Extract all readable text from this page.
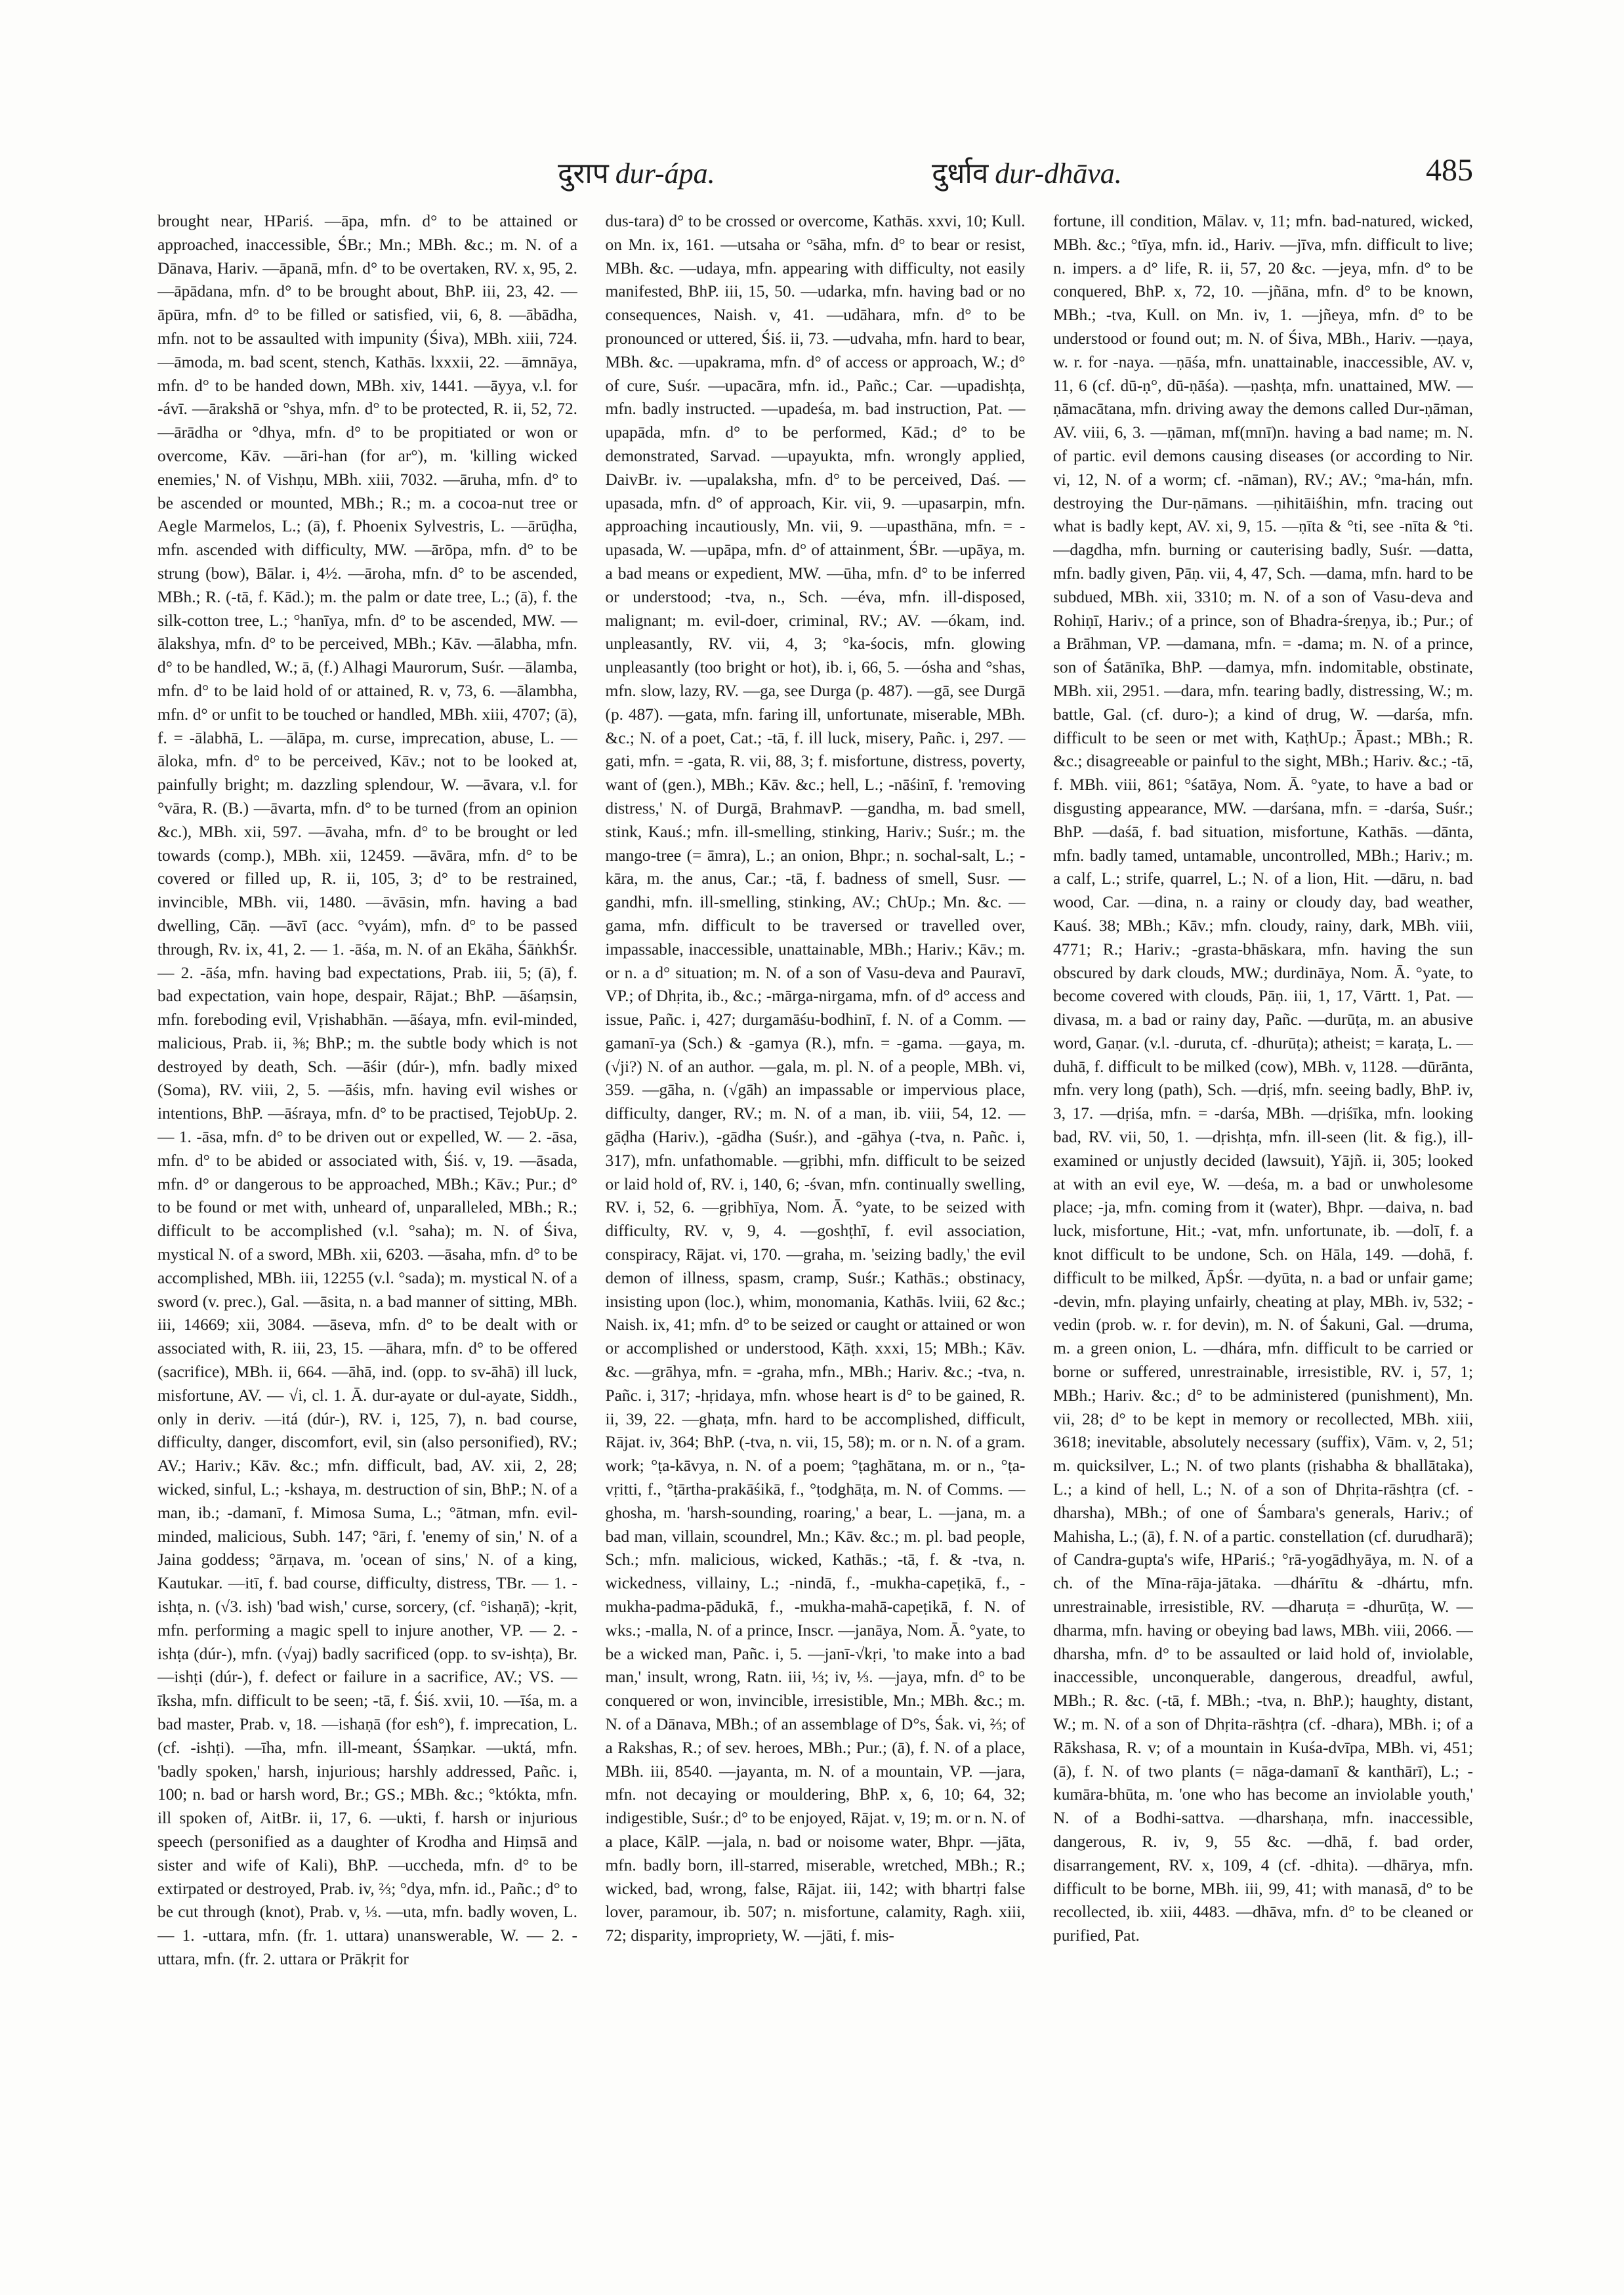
दुराप dur-ápa.	दुर्धाव dur-dhāva.	485
brought near, HPariś. —āpa, mfn. d° to be attained or approached, inaccessible, ŚBr.; Mn.; MBh. &c.; m. N. of a Dānava, Hariv. —āpanā, mfn. d° to be overtaken, RV. x, 95, 2. —āpādana, mfn. d° to be brought about, BhP. iii, 23, 42. —āpūra, mfn. d° to be filled or satisfied, vii, 6, 8. —ābādha, mfn. not to be assaulted with impunity (Śiva), MBh. xiii, 724. —āmoda, m. bad scent, stench, Kathās. lxxxii, 22. —āmnāya, mfn. d° to be handed down, MBh. xiv, 1441. —āyya, v.l. for -ávī. —ārakshā or °shya, mfn. d° to be protected, R. ii, 52, 72. —ārādha or °dhya, mfn. d° to be propitiated or won or overcome, Kāv. —āri-han (for ar°), m. 'killing wicked enemies,' N. of Vishṇu, MBh. xiii, 7032. —āruha, mfn. d° to be ascended or mounted, MBh.; R.; m. a cocoa-nut tree or Aegle Marmelos, L.; (ā), f. Phoenix Sylvestris, L. —ārūḍha, mfn. ascended with difficulty, MW. —ārōpa, mfn. d° to be strung (bow), Bālar. i, 4½. —āroha, mfn. d° to be ascended, MBh.; R. (-tā, f. Kād.); m. the palm or date tree, L.; (ā), f. the silk-cotton tree, L.; °hanīya, mfn. d° to be ascended, MW. —ālakshya, mfn. d° to be perceived, MBh.; Kāv. —ālabha, mfn. d° to be handled, W.; ā, (f.) Alhagi Maurorum, Suśr. —ālamba, mfn. d° to be laid hold of or attained, R. v, 73, 6. —ālambha, mfn. d° or unfit to be touched or handled, MBh. xiii, 4707; (ā), f. = -ālabhā, L. —ālāpa, m. curse, imprecation, abuse, L. —āloka, mfn. d° to be perceived, Kāv.; not to be looked at, painfully bright; m. dazzling splendour, W. —āvara, v.l. for °vāra, R. (B.) —āvarta, mfn. d° to be turned (from an opinion &c.), MBh. xii, 597. —āvaha, mfn. d° to be brought or led towards (comp.), MBh. xii, 12459. —āvāra, mfn. d° to be covered or filled up, R. ii, 105, 3; d° to be restrained, invincible, MBh. vii, 1480. —āvāsin, mfn. having a bad dwelling, Cāṇ. —āvī (acc. °vyám), mfn. d° to be passed through, Rv. ix, 41, 2. — 1. -āśa, m. N. of an Ekāha, ŚāṅkhŚr. — 2. -āśa, mfn. having bad expectations, Prab. iii, 5; (ā), f. bad expectation, vain hope, despair, Rājat.; BhP. —āśaṃsin, mfn. foreboding evil, Vṛishabhān. —āśaya, mfn. evil-minded, malicious, Prab. ii, ⅜; BhP.; m. the subtle body which is not destroyed by death, Sch. —āśir (dúr-), mfn. badly mixed (Soma), RV. viii, 2, 5. —āśis, mfn. having evil wishes or intentions, BhP. —āśraya, mfn. d° to be practised, TejobUp. 2. — 1. -āsa, mfn. d° to be driven out or expelled, W. — 2. -āsa, mfn. d° to be abided or associated with, Śiś. v, 19. —āsada, mfn. d° or dangerous to be approached, MBh.; Kāv.; Pur.; d° to be found or met with, unheard of, unparalleled, MBh.; R.; difficult to be accomplished (v.l. °saha); m. N. of Śiva, mystical N. of a sword, MBh. xii, 6203. —āsaha, mfn. d° to be accomplished, MBh. iii, 12255 (v.l. °sada); m. mystical N. of a sword (v. prec.), Gal. —āsita, n. a bad manner of sitting, MBh. iii, 14669; xii, 3084. —āseva, mfn. d° to be dealt with or associated with, R. iii, 23, 15. —āhara, mfn. d° to be offered (sacrifice), MBh. ii, 664. —āhā, ind. (opp. to sv-āhā) ill luck, misfortune, AV. — √i, cl. 1. Ā. dur-ayate or dul-ayate, Siddh., only in deriv. —itá (dúr-), RV. i, 125, 7), n. bad course, difficulty, danger, discomfort, evil, sin (also personified), RV.; AV.; Hariv.; Kāv. &c.; mfn. difficult, bad, AV. xii, 2, 28; wicked, sinful, L.; -kshaya, m. destruction of sin, BhP.; N. of a man, ib.; -damanī, f. Mimosa Suma, L.; °ātman, mfn. evil-minded, malicious, Subh. 147; °āri, f. 'enemy of sin,' N. of a Jaina goddess; °ārṇava, m. 'ocean of sins,' N. of a king, Kautukar. —itī, f. bad course, difficulty, distress, TBr. — 1. -ishṭa, n. (√3. ish) 'bad wish,' curse, sorcery, (cf. °ishaṇā); -kṛit, mfn. performing a magic spell to injure another, VP. — 2. -ishṭa (dúr-), mfn. (√yaj) badly sacrificed (opp. to sv-ishṭa), Br. —ishṭi (dúr-), f. defect or failure in a sacrifice, AV.; VS. —īksha, mfn. difficult to be seen; -tā, f. Śiś. xvii, 10. —īśa, m. a bad master, Prab. v, 18. —ishaṇā (for esh°), f. imprecation, L. (cf. -ishṭi). —īha, mfn. ill-meant, ŚSaṃkar. —uktá, mfn. 'badly spoken,' harsh, injurious; harshly addressed, Pañc. i, 100; n. bad or harsh word, Br.; GS.; MBh. &c.; °któkta, mfn. ill spoken of, AitBr. ii, 17, 6. —ukti, f. harsh or injurious speech (personified as a daughter of Krodha and Hiṃsā and sister and wife of Kali), BhP. —uccheda, mfn. d° to be extirpated or destroyed, Prab. iv, ⅔; °dya, mfn. id., Pañc.; d° to be cut through (knot), Prab. v, ⅓. —uta, mfn. badly woven, L. — 1. -uttara, mfn. (fr. 1. uttara) unanswerable, W. — 2. -uttara, mfn. (fr. 2. uttara or Prākṛit for
dus-tara) d° to be crossed or overcome, Kathās. xxvi, 10; Kull. on Mn. ix, 161. —utsaha or °sāha, mfn. d° to bear or resist, MBh. &c. —udaya, mfn. appearing with difficulty, not easily manifested, BhP. iii, 15, 50. —udarka, mfn. having bad or no consequences, Naish. v, 41. —udāhara, mfn. d° to be pronounced or uttered, Śiś. ii, 73. —udvaha, mfn. hard to bear, MBh. &c. —upakrama, mfn. d° of access or approach, W.; d° of cure, Suśr. —upacāra, mfn. id., Pañc.; Car. —upadishṭa, mfn. badly instructed. —upadeśa, m. bad instruction, Pat. —upapāda, mfn. d° to be performed, Kād.; d° to be demonstrated, Sarvad. —upayukta, mfn. wrongly applied, DaivBr. iv. —upalaksha, mfn. d° to be perceived, Daś. —upasada, mfn. d° of approach, Kir. vii, 9. —upasarpin, mfn. approaching incautiously, Mn. vii, 9. —upasthāna, mfn. = -upasada, W. —upāpa, mfn. d° of attainment, ŚBr. —upāya, m. a bad means or expedient, MW. —ūha, mfn. d° to be inferred or understood; -tva, n., Sch. —éva, mfn. ill-disposed, malignant; m. evil-doer, criminal, RV.; AV. —ókam, ind. unpleasantly, RV. vii, 4, 3; °ka-śocis, mfn. glowing unpleasantly (too bright or hot), ib. i, 66, 5. —ósha and °shas, mfn. slow, lazy, RV. —ga, see Durga (p. 487). —gā, see Durgā (p. 487). —gata, mfn. faring ill, unfortunate, miserable, MBh. &c.; N. of a poet, Cat.; -tā, f. ill luck, misery, Pañc. i, 297. —gati, mfn. = -gata, R. vii, 88, 3; f. misfortune, distress, poverty, want of (gen.), MBh.; Kāv. &c.; hell, L.; -nāśinī, f. 'removing distress,' N. of Durgā, BrahmavP. —gandha, m. bad smell, stink, Kauś.; mfn. ill-smelling, stinking, Hariv.; Suśr.; m. the mango-tree (= āmra), L.; an onion, Bhpr.; n. sochal-salt, L.; -kāra, m. the anus, Car.; -tā, f. badness of smell, Susr. —gandhi, mfn. ill-smelling, stinking, AV.; ChUp.; Mn. &c. —gama, mfn. difficult to be traversed or travelled over, impassable, inaccessible, unattainable, MBh.; Hariv.; Kāv.; m. or n. a d° situation; m. N. of a son of Vasu-deva and Pauravī, VP.; of Dhṛita, ib., &c.; -mārga-nirgama, mfn. of d° access and issue, Pañc. i, 427; durgamāśu-bodhinī, f. N. of a Comm. —gamanī-ya (Sch.) & -gamya (R.), mfn. = -gama. —gaya, m. (√ji?) N. of an author. —gala, m. pl. N. of a people, MBh. vi, 359. —gāha, n. (√gāh) an impassable or impervious place, difficulty, danger, RV.; m. N. of a man, ib. viii, 54, 12. —gāḍha (Hariv.), -gādha (Suśr.), and -gāhya (-tva, n. Pañc. i, 317), mfn. unfathomable. —gṛibhi, mfn. difficult to be seized or laid hold of, RV. i, 140, 6; -śvan, mfn. continually swelling, RV. i, 52, 6. —gṛibhīya, Nom. Ā. °yate, to be seized with difficulty, RV. v, 9, 4. —goshṭhī, f. evil association, conspiracy, Rājat. vi, 170. —graha, m. 'seizing badly,' the evil demon of illness, spasm, cramp, Suśr.; Kathās.; obstinacy, insisting upon (loc.), whim, monomania, Kathās. lviii, 62 &c.; Naish. ix, 41; mfn. d° to be seized or caught or attained or won or accomplished or understood, Kāṭh. xxxi, 15; MBh.; Kāv. &c. —grāhya, mfn. = -graha, mfn., MBh.; Hariv. &c.; -tva, n. Pañc. i, 317; -hṛidaya, mfn. whose heart is d° to be gained, R. ii, 39, 22. —ghaṭa, mfn. hard to be accomplished, difficult, Rājat. iv, 364; BhP. (-tva, n. vii, 15, 58); m. or n. N. of a gram. work; °ṭa-kāvya, n. N. of a poem; °ṭaghātana, m. or n., °ṭa-vṛitti, f., °ṭārtha-prakāśikā, f., °ṭodghāṭa, m. N. of Comms. —ghosha, m. 'harsh-sounding, roaring,' a bear, L. —jana, m. a bad man, villain, scoundrel, Mn.; Kāv. &c.; m. pl. bad people, Sch.; mfn. malicious, wicked, Kathās.; -tā, f. & -tva, n. wickedness, villainy, L.; -nindā, f., -mukha-capeṭikā, f., -mukha-padma-pādukā, f., -mukha-mahā-capeṭikā, f. N. of wks.; -malla, N. of a prince, Inscr. —janāya, Nom. Ā. °yate, to be a wicked man, Pañc. i, 5. —janī-√kṛi, 'to make into a bad man,' insult, wrong, Ratn. iii, ⅓; iv, ⅓. —jaya, mfn. d° to be conquered or won, invincible, irresistible, Mn.; MBh. &c.; m. N. of a Dānava, MBh.; of an assemblage of D°s, Śak. vi, ⅔; of a Rakshas, R.; of sev. heroes, MBh.; Pur.; (ā), f. N. of a place, MBh. iii, 8540. —jayanta, m. N. of a mountain, VP. —jara, mfn. not decaying or mouldering, BhP. x, 6, 10; 64, 32; indigestible, Suśr.; d° to be enjoyed, Rājat. v, 19; m. or n. N. of a place, KālP. —jala, n. bad or noisome water, Bhpr. —jāta, mfn. badly born, ill-starred, miserable, wretched, MBh.; R.; wicked, bad, wrong, false, Rājat. iii, 142; with bhartṛi false lover, paramour, ib. 507; n. misfortune, calamity, Ragh. xiii, 72; disparity, impropriety, W. —jāti, f. mis-
fortune, ill condition, Mālav. v, 11; mfn. bad-natured, wicked, MBh. &c.; °tīya, mfn. id., Hariv. —jīva, mfn. difficult to live; n. impers. a d° life, R. ii, 57, 20 &c. —jeya, mfn. d° to be conquered, BhP. x, 72, 10. —jñāna, mfn. d° to be known, MBh.; -tva, Kull. on Mn. iv, 1. —jñeya, mfn. d° to be understood or found out; m. N. of Śiva, MBh., Hariv. —ṇaya, w. r. for -naya. —ṇāśa, mfn. unattainable, inaccessible, AV. v, 11, 6 (cf. dū-ṇ°, dū-ṇāśa). —ṇashṭa, mfn. unattained, MW. —ṇāmacātana, mfn. driving away the demons called Dur-ṇāman, AV. viii, 6, 3. —ṇāman, mf(mnī)n. having a bad name; m. N. of partic. evil demons causing diseases (or according to Nir. vi, 12, N. of a worm; cf. -nāman), RV.; AV.; °ma-hán, mfn. destroying the Dur-ṇāmans. —ṇihitāiśhin, mfn. tracing out what is badly kept, AV. xi, 9, 15. —ṇīta & °ti, see -nīta & °ti. —dagdha, mfn. burning or cauterising badly, Suśr. —datta, mfn. badly given, Pāṇ. vii, 4, 47, Sch. —dama, mfn. hard to be subdued, MBh. xii, 3310; m. N. of a son of Vasu-deva and Rohiṇī, Hariv.; of a prince, son of Bhadra-śreṇya, ib.; Pur.; of a Brāhman, VP. —damana, mfn. = -dama; m. N. of a prince, son of Śatānīka, BhP. —damya, mfn. indomitable, obstinate, MBh. xii, 2951. —dara, mfn. tearing badly, distressing, W.; m. battle, Gal. (cf. duro-); a kind of drug, W. —darśa, mfn. difficult to be seen or met with, KaṭhUp.; Āpast.; MBh.; R. &c.; disagreeable or painful to the sight, MBh.; Hariv. &c.; -tā, f. MBh. viii, 861; °śatāya, Nom. Ā. °yate, to have a bad or disgusting appearance, MW. —darśana, mfn. = -darśa, Suśr.; BhP. —daśā, f. bad situation, misfortune, Kathās. —dānta, mfn. badly tamed, untamable, uncontrolled, MBh.; Hariv.; m. a calf, L.; strife, quarrel, L.; N. of a lion, Hit. —dāru, n. bad wood, Car. —dina, n. a rainy or cloudy day, bad weather, Kauś. 38; MBh.; Kāv.; mfn. cloudy, rainy, dark, MBh. viii, 4771; R.; Hariv.; -grasta-bhāskara, mfn. having the sun obscured by dark clouds, MW.; durdināya, Nom. Ā. °yate, to become covered with clouds, Pāṇ. iii, 1, 17, Vārtt. 1, Pat. —divasa, m. a bad or rainy day, Pañc. —durūṭa, m. an abusive word, Gaṇar. (v.l. -duruta, cf. -dhurūṭa); atheist; = karaṭa, L. —duhā, f. difficult to be milked (cow), MBh. v, 1128. —dūrānta, mfn. very long (path), Sch. —dṛiś, mfn. seeing badly, BhP. iv, 3, 17. —dṛiśa, mfn. = -darśa, MBh. —dṛiśīka, mfn. looking bad, RV. vii, 50, 1. —dṛishṭa, mfn. ill-seen (lit. & fig.), ill-examined or unjustly decided (lawsuit), Yājñ. ii, 305; looked at with an evil eye, W. —deśa, m. a bad or unwholesome place; -ja, mfn. coming from it (water), Bhpr. —daiva, n. bad luck, misfortune, Hit.; -vat, mfn. unfortunate, ib. —dolī, f. a knot difficult to be undone, Sch. on Hāla, 149. —dohā, f. difficult to be milked, ĀpŚr. —dyūta, n. a bad or unfair game; -devin, mfn. playing unfairly, cheating at play, MBh. iv, 532; -vedin (prob. w. r. for devin), m. N. of Śakuni, Gal. —druma, m. a green onion, L. —dhára, mfn. difficult to be carried or borne or suffered, unrestrainable, irresistible, RV. i, 57, 1; MBh.; Hariv. &c.; d° to be administered (punishment), Mn. vii, 28; d° to be kept in memory or recollected, MBh. xiii, 3618; inevitable, absolutely necessary (suffix), Vām. v, 2, 51; m. quicksilver, L.; N. of two plants (ṛishabha & bhallātaka), L.; a kind of hell, L.; N. of a son of Dhṛita-rāshṭra (cf. -dharsha), MBh.; of one of Śambara's generals, Hariv.; of Mahisha, L.; (ā), f. N. of a partic. constellation (cf. durudharā); of Candra-gupta's wife, HPariś.; °rā-yogādhyāya, m. N. of a ch. of the Mīna-rāja-jātaka. —dhárītu & -dhártu, mfn. unrestrainable, irresistible, RV. —dharuṭa = -dhurūṭa, W. —dharma, mfn. having or obeying bad laws, MBh. viii, 2066. —dharsha, mfn. d° to be assaulted or laid hold of, inviolable, inaccessible, unconquerable, dangerous, dreadful, awful, MBh.; R. &c. (-tā, f. MBh.; -tva, n. BhP.); haughty, distant, W.; m. N. of a son of Dhṛita-rāshṭra (cf. -dhara), MBh. i; of a Rākshasa, R. v; of a mountain in Kuśa-dvīpa, MBh. vi, 451; (ā), f. N. of two plants (= nāga-damanī & kanthārī), L.; -kumāra-bhūta, m. 'one who has become an inviolable youth,' N. of a Bodhi-sattva. —dharshaṇa, mfn. inaccessible, dangerous, R. iv, 9, 55 &c. —dhā, f. bad order, disarrangement, RV. x, 109, 4 (cf. -dhita). —dhārya, mfn. difficult to be borne, MBh. iii, 99, 41; with manasā, d° to be recollected, ib. xiii, 4483. —dhāva, mfn. d° to be cleaned or purified, Pat.
